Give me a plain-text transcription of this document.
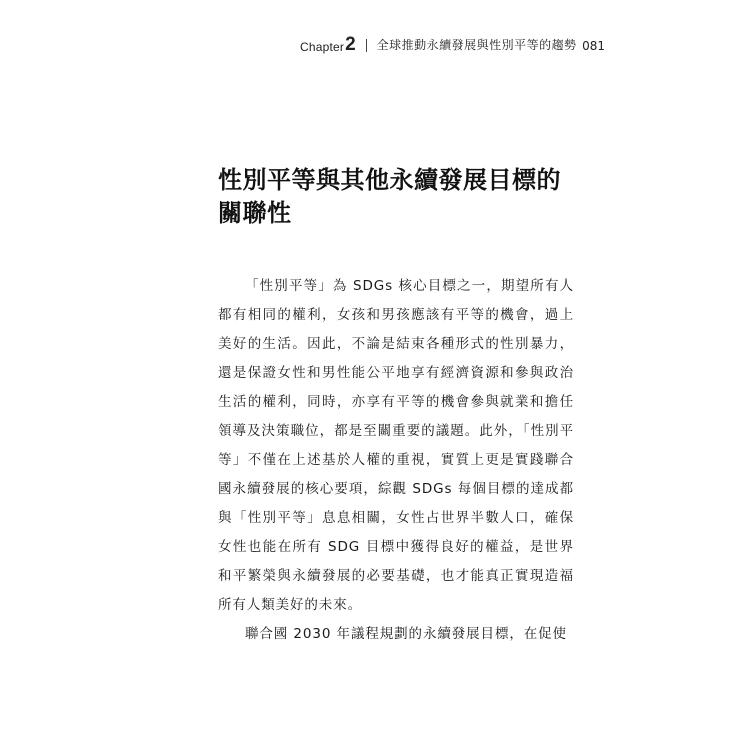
Chapter 2 全球推動永續發展與性別平等的趨勢 081
性別平等與其他永續發展目標的關聯性

「性別平等」為 SDGs 核心目標之一，期望所有人都有相同的權利，女孩和男孩應該有平等的機會，過上美好的生活。因此，不論是結束各種形式的性別暴力，還是保證女性和男性能公平地享有經濟資源和參與政治生活的權利，同時，亦享有平等的機會參與就業和擔任領導及決策職位，都是至關重要的議題。此外，「性別平等」不僅在上述基於人權的重視，實質上更是實踐聯合國永續發展的核心要項，綜觀 SDGs 每個目標的達成都與「性別平等」息息相關，女性占世界半數人口，確保女性也能在所有 SDG 目標中獲得良好的權益，是世界和平繁榮與永續發展的必要基礎，也才能真正實現造福所有人類美好的未來。

聯合國 2030 年議程規劃的永續發展目標，在促使
